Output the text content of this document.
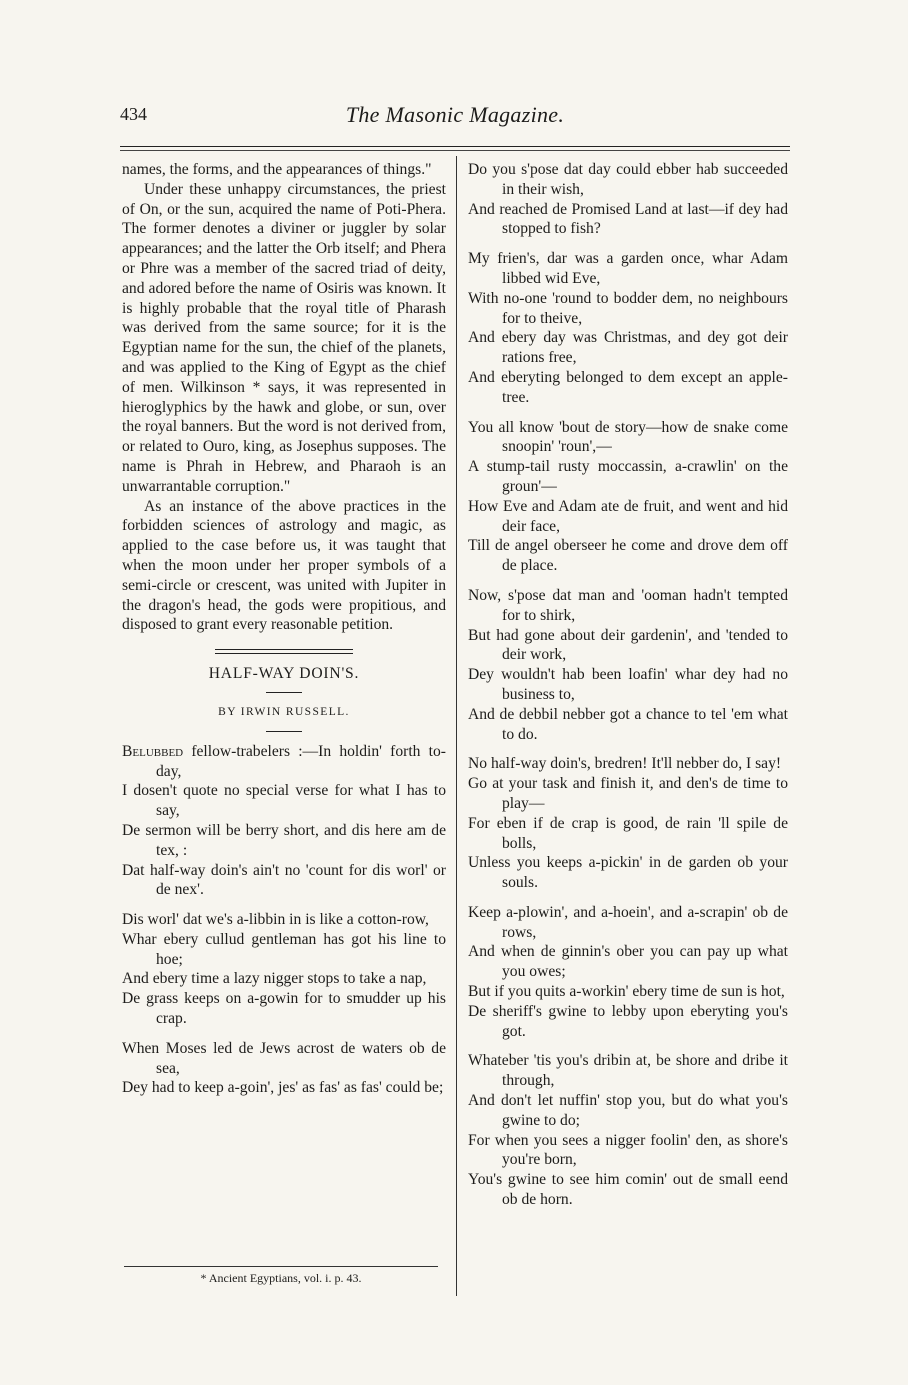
434	The Masonic Magazine.

names, the forms, and the appearances of things."

Under these unhappy circumstances, the priest of On, or the sun, acquired the name of Poti-Phera. The former denotes a diviner or juggler by solar appearances; and the latter the Orb itself; and Phera or Phre was a member of the sacred triad of deity, and adored before the name of Osiris was known. It is highly probable that the royal title of Pharash was derived from the same source; for it is the Egyptian name for the sun, the chief of the planets, and was applied to the King of Egypt as the chief of men. Wilkinson * says, it was represented in hieroglyphics by the hawk and globe, or sun, over the royal banners. But the word is not derived from, or related to Ouro, king, as Josephus supposes. The name is Phrah in Hebrew, and Pharaoh is an unwarrantable corruption."

As an instance of the above practices in the forbidden sciences of astrology and magic, as applied to the case before us, it was taught that when the moon under her proper symbols of a semi-circle or crescent, was united with Jupiter in the dragon's head, the gods were propitious, and disposed to grant every reasonable petition.

HALF-WAY DOIN'S.
BY IRWIN RUSSELL.
Belubbed fellow-trabelers :—In holdin' forth to-day,
I dosen't quote no special verse for what I has to say,
De sermon will be berry short, and dis here am de tex, :
Dat half-way doin's ain't no 'count for dis worl' or de nex'.
Dis worl' dat we's a-libbin in is like a cotton-row,
Whar ebery cullud gentleman has got his line to hoe;
And ebery time a lazy nigger stops to take a nap,
De grass keeps on a-gowin for to smudder up his crap.
When Moses led de Jews acrost de waters ob de sea,
Dey had to keep a-goin', jes' as fas' as fas' could be;
* Ancient Egyptians, vol. i. p. 43.
Do you s'pose dat day could ebber hab succeeded in their wish,
And reached de Promised Land at last—if dey had stopped to fish?
My frien's, dar was a garden once, whar Adam libbed wid Eve,
With no-one 'round to bodder dem, no neighbours for to theive,
And ebery day was Christmas, and dey got deir rations free,
And eberyting belonged to dem except an apple-tree.
You all know 'bout de story—how de snake come snoopin' 'roun',—
A stump-tail rusty moccassin, a-crawlin' on the groun'—
How Eve and Adam ate de fruit, and went and hid deir face,
Till de angel oberseer he come and drove dem off de place.
Now, s'pose dat man and 'ooman hadn't tempted for to shirk,
But had gone about deir gardenin', and 'tended to deir work,
Dey wouldn't hab been loafin' whar dey had no business to,
And de debbil nebber got a chance to tel 'em what to do.
No half-way doin's, bredren! It'll nebber do, I say!
Go at your task and finish it, and den's de time to play—
For eben if de crap is good, de rain 'll spile de bolls,
Unless you keeps a-pickin' in de garden ob your souls.
Keep a-plowin', and a-hoein', and a-scrapin' ob de rows,
And when de ginnin's ober you can pay up what you owes;
But if you quits a-workin' ebery time de sun is hot,
De sheriff's gwine to lebby upon eberyting you's got.
Whateber 'tis you's dribin at, be shore and dribe it through,
And don't let nuffin' stop you, but do what you's gwine to do;
For when you sees a nigger foolin' den, as shore's you're born,
You's gwine to see him comin' out de small eend ob de horn.
